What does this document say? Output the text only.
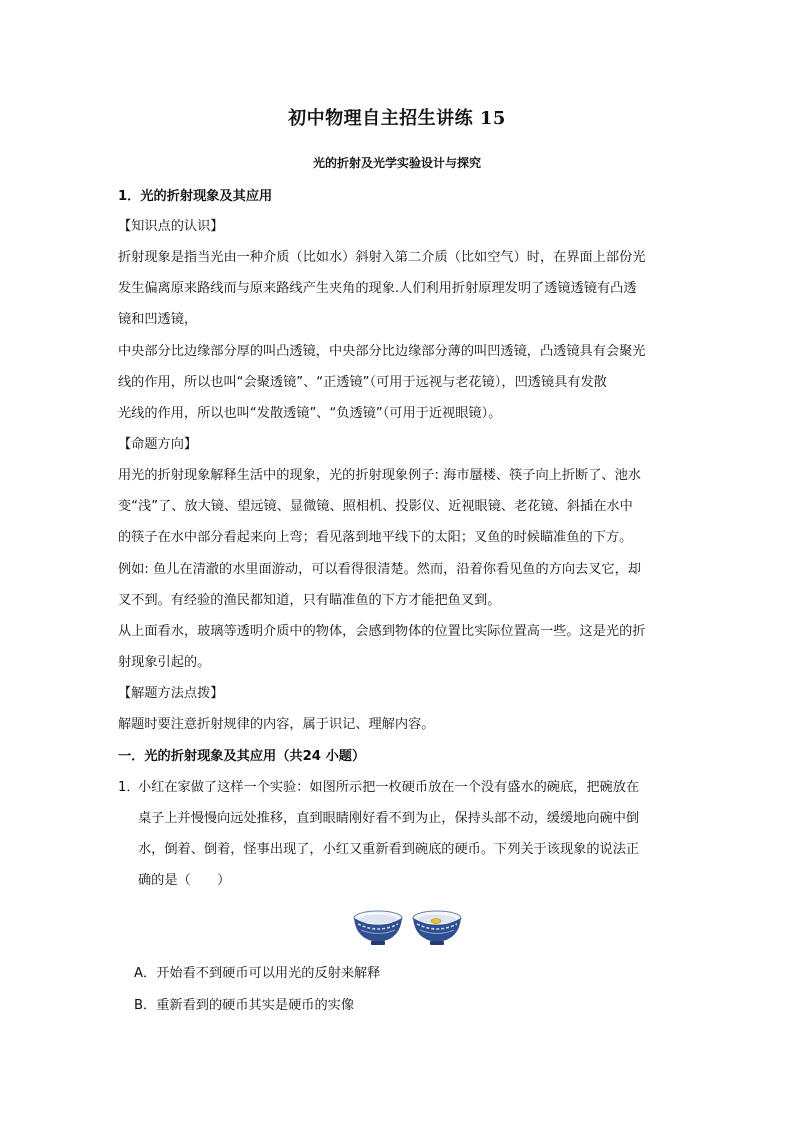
初中物理自主招生讲练 15
光的折射及光学实验设计与探究
1．光的折射现象及其应用
【知识点的认识】
折射现象是指当光由一种介质（比如水）斜射入第二介质（比如空气）时，在界面上部份光
发生偏离原来路线而与原来路线产生夹角的现象.人们利用折射原理发明了透镜透镜有凸透
镜和凹透镜，
中央部分比边缘部分厚的叫凸透镜，中央部分比边缘部分薄的叫凹透镜，凸透镜具有会聚光
线的作用，所以也叫“会聚透镜”、“正透镜”（可用于远视与老花镜），凹透镜具有发散
光线的作用，所以也叫“发散透镜”、“负透镜”（可用于近视眼镜）。
【命题方向】
用光的折射现象解释生活中的现象，光的折射现象例子: 海市蜃楼、筷子向上折断了、池水
变“浅”了、放大镜、望远镜、显微镜、照相机、投影仪、近视眼镜、老花镜、斜插在水中
的筷子在水中部分看起来向上弯；看见落到地平线下的太阳；叉鱼的时候瞄准鱼的下方。
例如: 鱼儿在清澈的水里面游动，可以看得很清楚。然而，沿着你看见鱼的方向去叉它，却
叉不到。有经验的渔民都知道，只有瞄准鱼的下方才能把鱼叉到。
从上面看水，玻璃等透明介质中的物体，会感到物体的位置比实际位置高一些。这是光的折
射现象引起的。
【解题方法点拨】
解题时要注意折射规律的内容，属于识记、理解内容。
一．光的折射现象及其应用（共24 小题）
1．
小红在家做了这样一个实验：如图所示把一枚硬币放在一个没有盛水的碗底，把碗放在
桌子上并慢慢向远处推移，直到眼睛刚好看不到为止，保持头部不动，缓缓地向碗中倒
水，倒着、倒着，怪事出现了，小红又重新看到碗底的硬币。下列关于该现象的说法正
确的是（　　）
A．开始看不到硬币可以用光的反射来解释
B．重新看到的硬币其实是硬币的实像
